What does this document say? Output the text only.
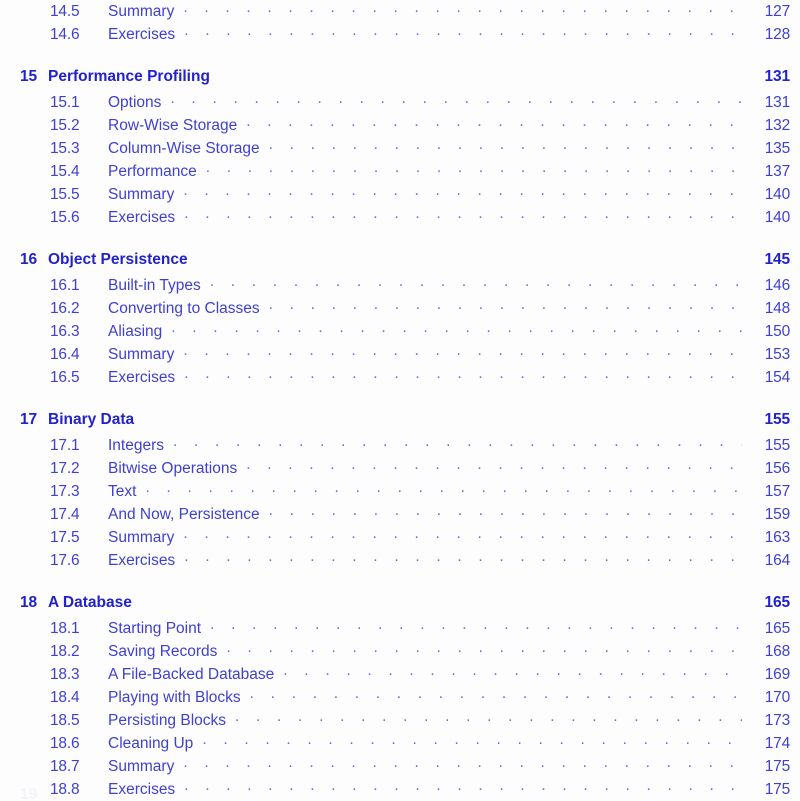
14.5	Summary . . .	127
14.6	Exercises . . .	128
15 Performance Profiling	131
15.1	Options . . .	131
15.2	Row-Wise Storage . . .	132
15.3	Column-Wise Storage . . .	135
15.4	Performance . . .	137
15.5	Summary . . .	140
15.6	Exercises . . .	140
16 Object Persistence	145
16.1	Built-in Types . . .	146
16.2	Converting to Classes . . .	148
16.3	Aliasing . . .	150
16.4	Summary . . .	153
16.5	Exercises . . .	154
17 Binary Data	155
17.1	Integers . . .	155
17.2	Bitwise Operations . . .	156
17.3	Text . . .	157
17.4	And Now, Persistence . . .	159
17.5	Summary . . .	163
17.6	Exercises . . .	164
18 A Database	165
18.1	Starting Point . . .	165
18.2	Saving Records . . .	168
18.3	A File-Backed Database . . .	169
18.4	Playing with Blocks . . .	170
18.5	Persisting Blocks . . .	173
18.6	Cleaning Up . . .	174
18.7	Summary . . .	175
18.8	Exercises . . .	175
